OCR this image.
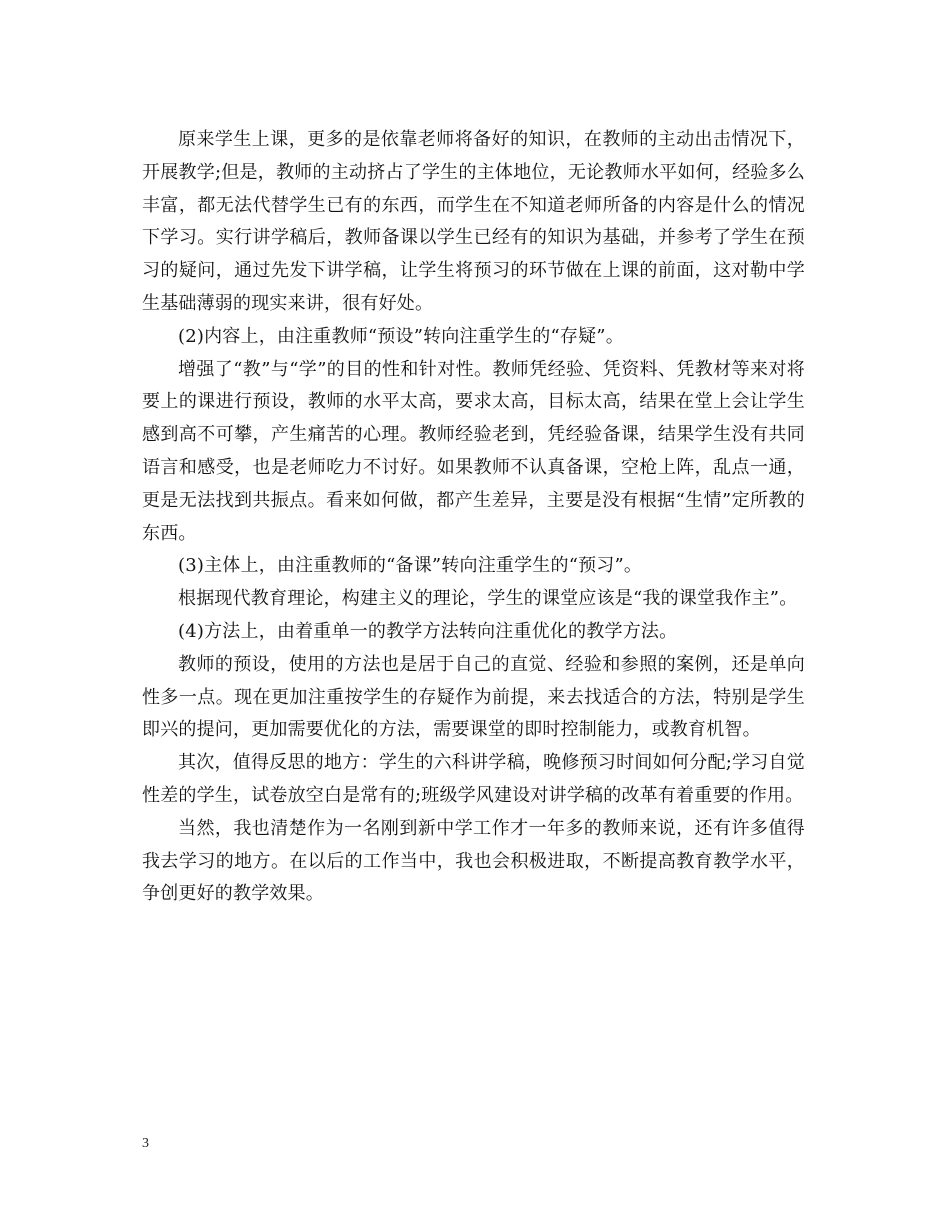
原来学生上课，更多的是依靠老师将备好的知识，在教师的主动出击情况下，开展教学;但是，教师的主动挤占了学生的主体地位，无论教师水平如何，经验多么丰富，都无法代替学生已有的东西，而学生在不知道老师所备的内容是什么的情况下学习。实行讲学稿后，教师备课以学生已经有的知识为基础，并参考了学生在预习的疑问，通过先发下讲学稿，让学生将预习的环节做在上课的前面，这对勒中学生基础薄弱的现实来讲，很有好处。

(2)内容上，由注重教师“预设”转向注重学生的“存疑”。

增强了“教”与“学”的目的性和针对性。教师凭经验、凭资料、凭教材等来对将要上的课进行预设，教师的水平太高，要求太高，目标太高，结果在堂上会让学生感到高不可攀，产生痛苦的心理。教师经验老到，凭经验备课，结果学生没有共同语言和感受，也是老师吃力不讨好。如果教师不认真备课，空枪上阵，乱点一通，更是无法找到共振点。看来如何做，都产生差异，主要是没有根据“生情”定所教的东西。

(3)主体上，由注重教师的“备课”转向注重学生的“预习”。

根据现代教育理论，构建主义的理论，学生的课堂应该是“我的课堂我作主”。

(4)方法上，由着重单一的教学方法转向注重优化的教学方法。

教师的预设，使用的方法也是居于自己的直觉、经验和参照的案例，还是单向性多一点。现在更加注重按学生的存疑作为前提，来去找适合的方法，特别是学生即兴的提问，更加需要优化的方法，需要课堂的即时控制能力，或教育机智。

其次，值得反思的地方：学生的六科讲学稿，晚修预习时间如何分配;学习自觉性差的学生，试卷放空白是常有的;班级学风建设对讲学稿的改革有着重要的作用。

当然，我也清楚作为一名刚到新中学工作才一年多的教师来说，还有许多值得我去学习的地方。在以后的工作当中，我也会积极进取，不断提高教育教学水平，争创更好的教学效果。

3
